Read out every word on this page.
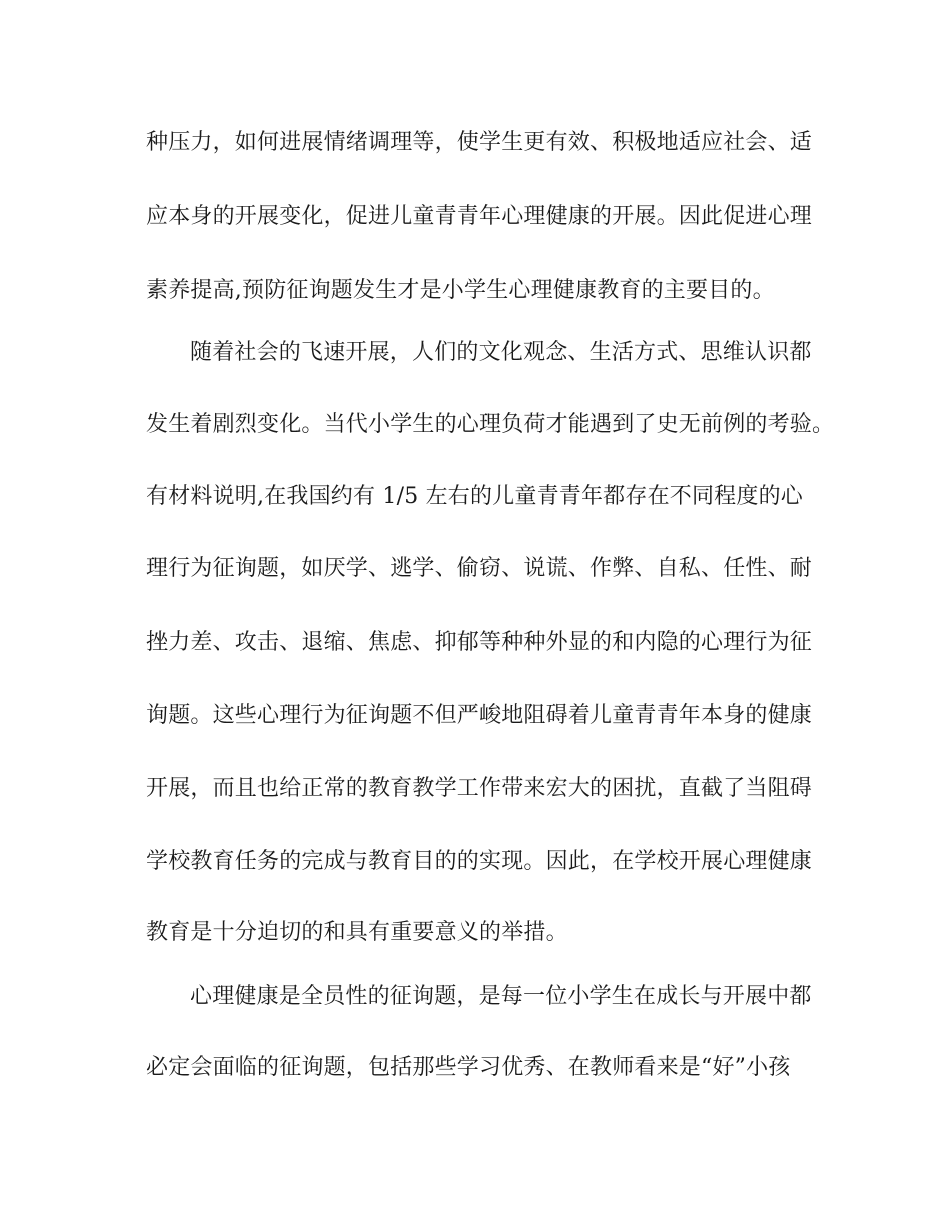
种压力，如何进展情绪调理等，使学生更有效、积极地适应社会、适
应本身的开展变化，促进儿童青青年心理健康的开展。因此促进心理
素养提高,预防征询题发生才是小学生心理健康教育的主要目的。
随着社会的飞速开展，人们的文化观念、生活方式、思维认识都
发生着剧烈变化。当代小学生的心理负荷才能遇到了史无前例的考验。
有材料说明,在我国约有 1/5 左右的儿童青青年都存在不同程度的心
理行为征询题，如厌学、逃学、偷窃、说谎、作弊、自私、任性、耐
挫力差、攻击、退缩、焦虑、抑郁等种种外显的和内隐的心理行为征
询题。这些心理行为征询题不但严峻地阻碍着儿童青青年本身的健康
开展，而且也给正常的教育教学工作带来宏大的困扰，直截了当阻碍
学校教育任务的完成与教育目的的实现。因此，在学校开展心理健康
教育是十分迫切的和具有重要意义的举措。
心理健康是全员性的征询题，是每一位小学生在成长与开展中都
必定会面临的征询题，包括那些学习优秀、在教师看来是“好”小孩
